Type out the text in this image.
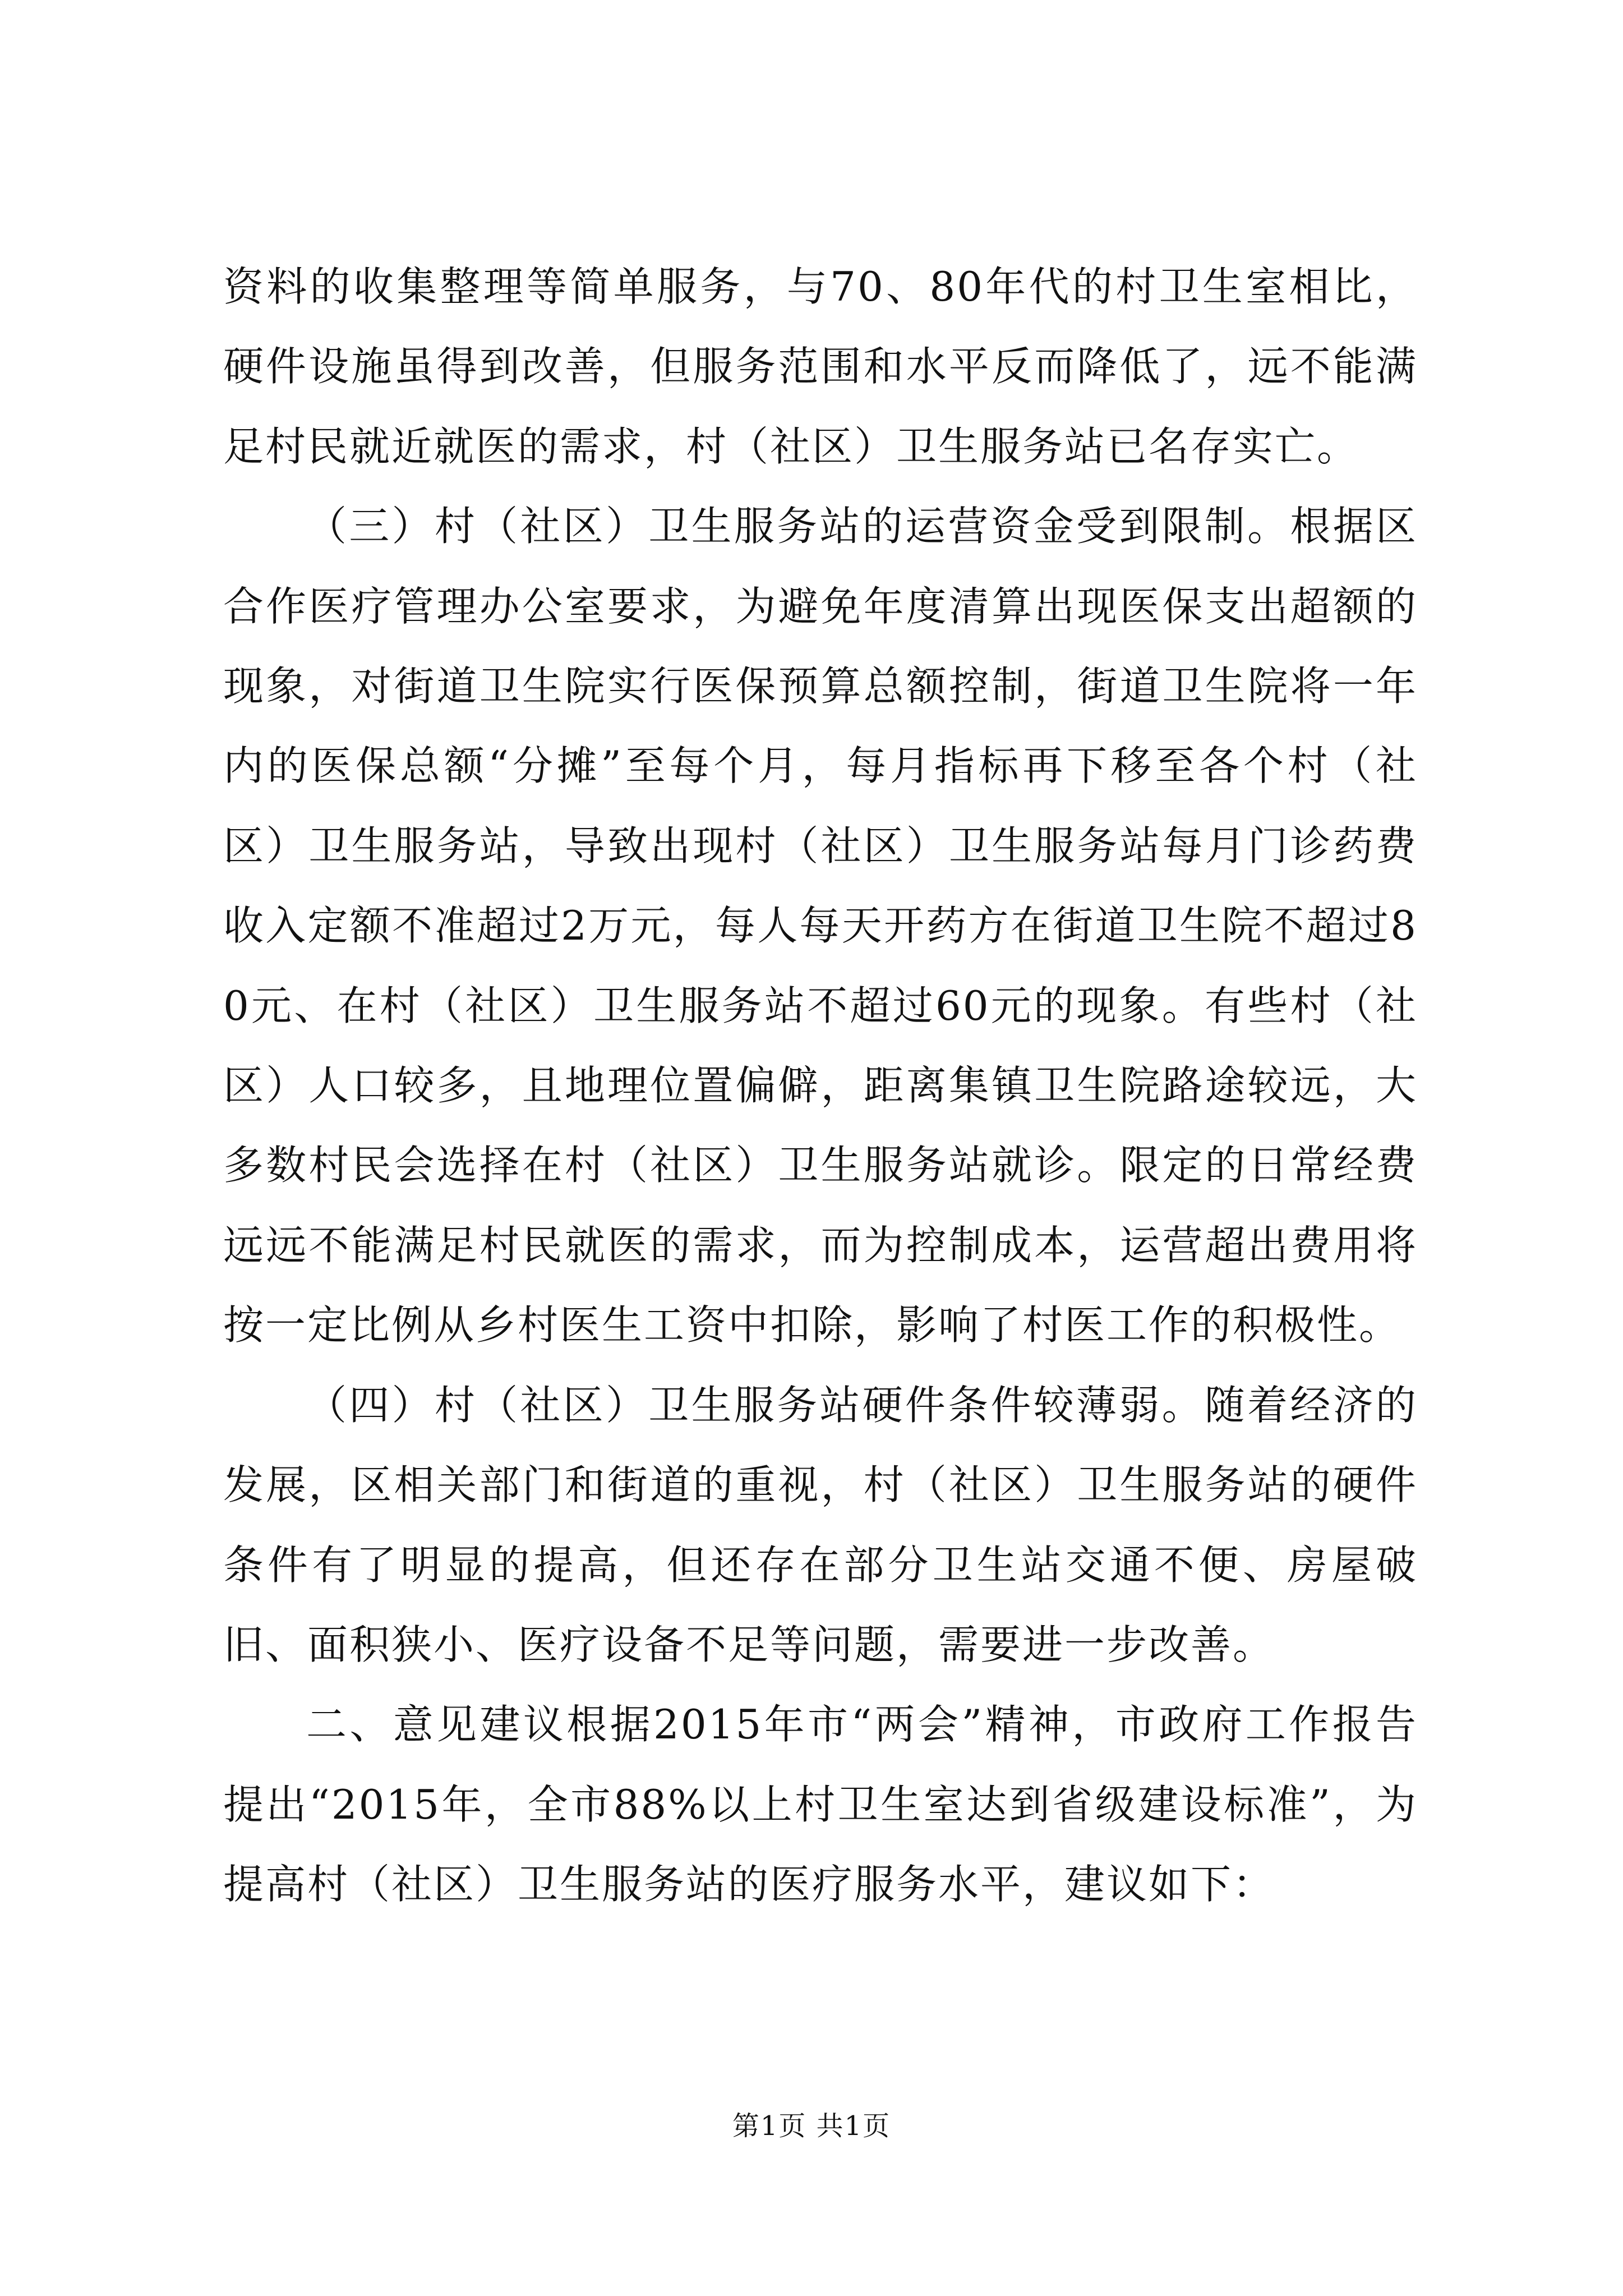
资料的收集整理等简单服务，与70、80年代的村卫生室相比，硬件设施虽得到改善，但服务范围和水平反而降低了，远不能满足村民就近就医的需求，村（社区）卫生服务站已名存实亡。

（三）村（社区）卫生服务站的运营资金受到限制。根据区合作医疗管理办公室要求，为避免年度清算出现医保支出超额的现象，对街道卫生院实行医保预算总额控制，街道卫生院将一年内的医保总额“分摊”至每个月，每月指标再下移至各个村（社区）卫生服务站，导致出现村（社区）卫生服务站每月门诊药费收入定额不准超过2万元，每人每天开药方在街道卫生院不超过80元、在村（社区）卫生服务站不超过60元的现象。有些村（社区）人口较多，且地理位置偏僻，距离集镇卫生院路途较远，大多数村民会选择在村（社区）卫生服务站就诊。限定的日常经费远远不能满足村民就医的需求，而为控制成本，运营超出费用将按一定比例从乡村医生工资中扣除，影响了村医工作的积极性。

（四）村（社区）卫生服务站硬件条件较薄弱。随着经济的发展，区相关部门和街道的重视，村（社区）卫生服务站的硬件条件有了明显的提高，但还存在部分卫生站交通不便、房屋破旧、面积狭小、医疗设备不足等问题，需要进一步改善。

二、意见建议根据2015年市“两会”精神，市政府工作报告提出“2015年，全市88%以上村卫生室达到省级建设标准”，为提高村（社区）卫生服务站的医疗服务水平，建议如下：

第1页 共1页
